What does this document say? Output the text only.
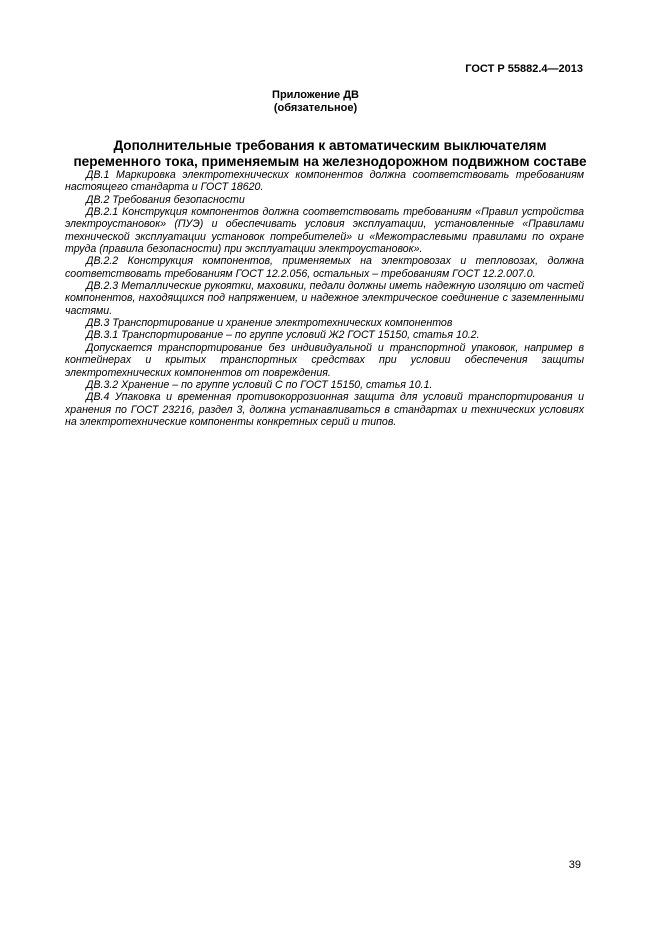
ГОСТ Р 55882.4—2013
Приложение ДВ
(обязательное)
Дополнительные требования к автоматическим выключателям
переменного тока, применяемым на железнодорожном подвижном составе

ДВ.1 Маркировка электротехнических компонентов должна соответствовать требованиям настоящего стандарта и ГОСТ 18620.

ДВ.2 Требования безопасности

ДВ.2.1 Конструкция компонентов должна соответствовать требованиям «Правил устройства электроустановок» (ПУЭ) и обеспечивать условия эксплуатации, установленные «Правилами технической эксплуатации установок потребителей» и «Межотраслевыми правилами по охране труда (правила безопасности) при эксплуатации электроустановок».

ДВ.2.2 Конструкция компонентов, применяемых на электровозах и тепловозах, должна соответствовать требованиям ГОСТ 12.2.056, остальных – требованиям ГОСТ 12.2.007.0.

ДВ.2.3 Металлические рукоятки, маховики, педали должны иметь надежную изоляцию от частей компонентов, находящихся под напряжением, и надежное электрическое соединение с заземленными частями.

ДВ.3 Транспортирование и хранение электротехнических компонентов

ДВ.3.1 Транспортирование – по группе условий Ж2 ГОСТ 15150, статья 10.2.

Допускается транспортирование без индивидуальной и транспортной упаковок, например в контейнерах и крытых транспортных средствах при условии обеспечения защиты электротехнических компонентов от повреждения.

ДВ.3.2 Хранение – по группе условий С по ГОСТ 15150, статья 10.1.

ДВ.4 Упаковка и временная противокоррозионная защита для условий транспортирования и хранения по ГОСТ 23216, раздел 3, должна устанавливаться в стандартах и технических условиях на электротехнические компоненты конкретных серий и типов.

39
